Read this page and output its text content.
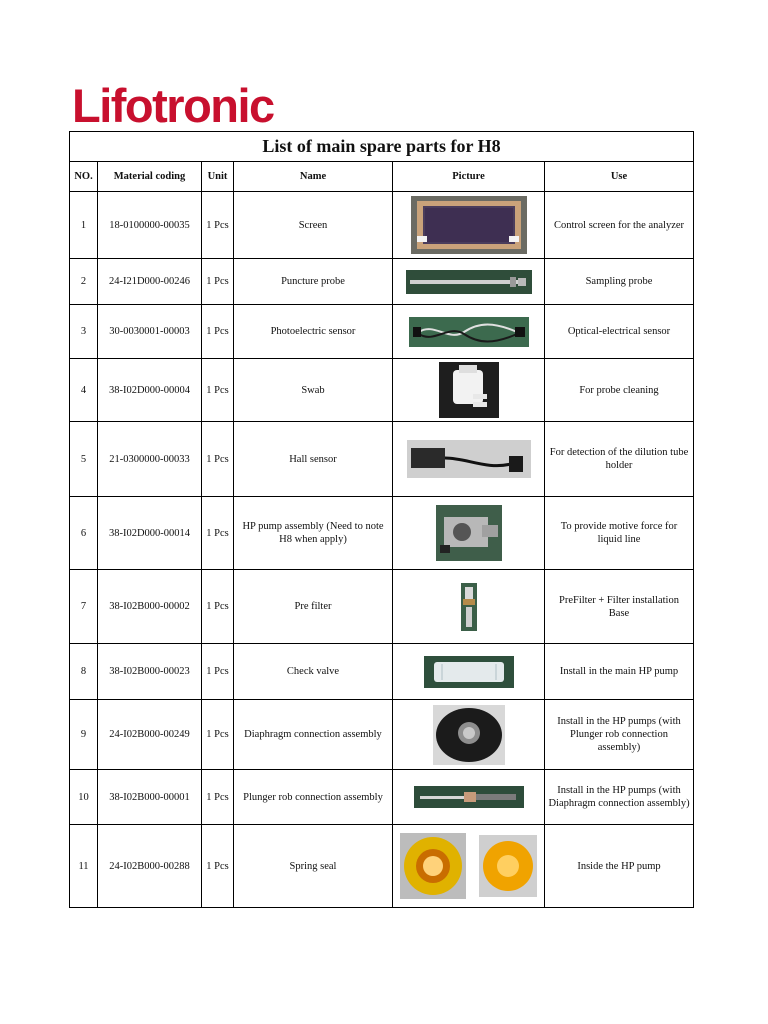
Lifotronic
List of main spare parts for H8					
NO.	Material coding	Unit	Name	Picture	Use
1	18-0100000-00035	1 Pcs	Screen		Control screen for the analyzer
2	24-I21D000-00246	1 Pcs	Puncture probe		Sampling probe
3	30-0030001-00003	1 Pcs	Photoelectric sensor		Optical-electrical sensor
4	38-I02D000-00004	1 Pcs	Swab		For probe cleaning
5	21-0300000-00033	1 Pcs	Hall sensor		For detection of the dilution tube holder
6	38-I02D000-00014	1 Pcs	HP pump assembly (Need to note H8 when apply)		To provide motive force for liquid line
7	38-I02B000-00002	1 Pcs	Pre filter		PreFilter + Filter installation Base
8	38-I02B000-00023	1 Pcs	Check valve		Install in the main HP pump
9	24-I02B000-00249	1 Pcs	Diaphragm connection assembly		Install in the HP pumps (with Plunger rob connection assembly)
10	38-I02B000-00001	1 Pcs	Plunger rob connection assembly		Install in the HP pumps (with Diaphragm connection assembly)
11	24-I02B000-00288	1 Pcs	Spring seal		Inside the HP pump
